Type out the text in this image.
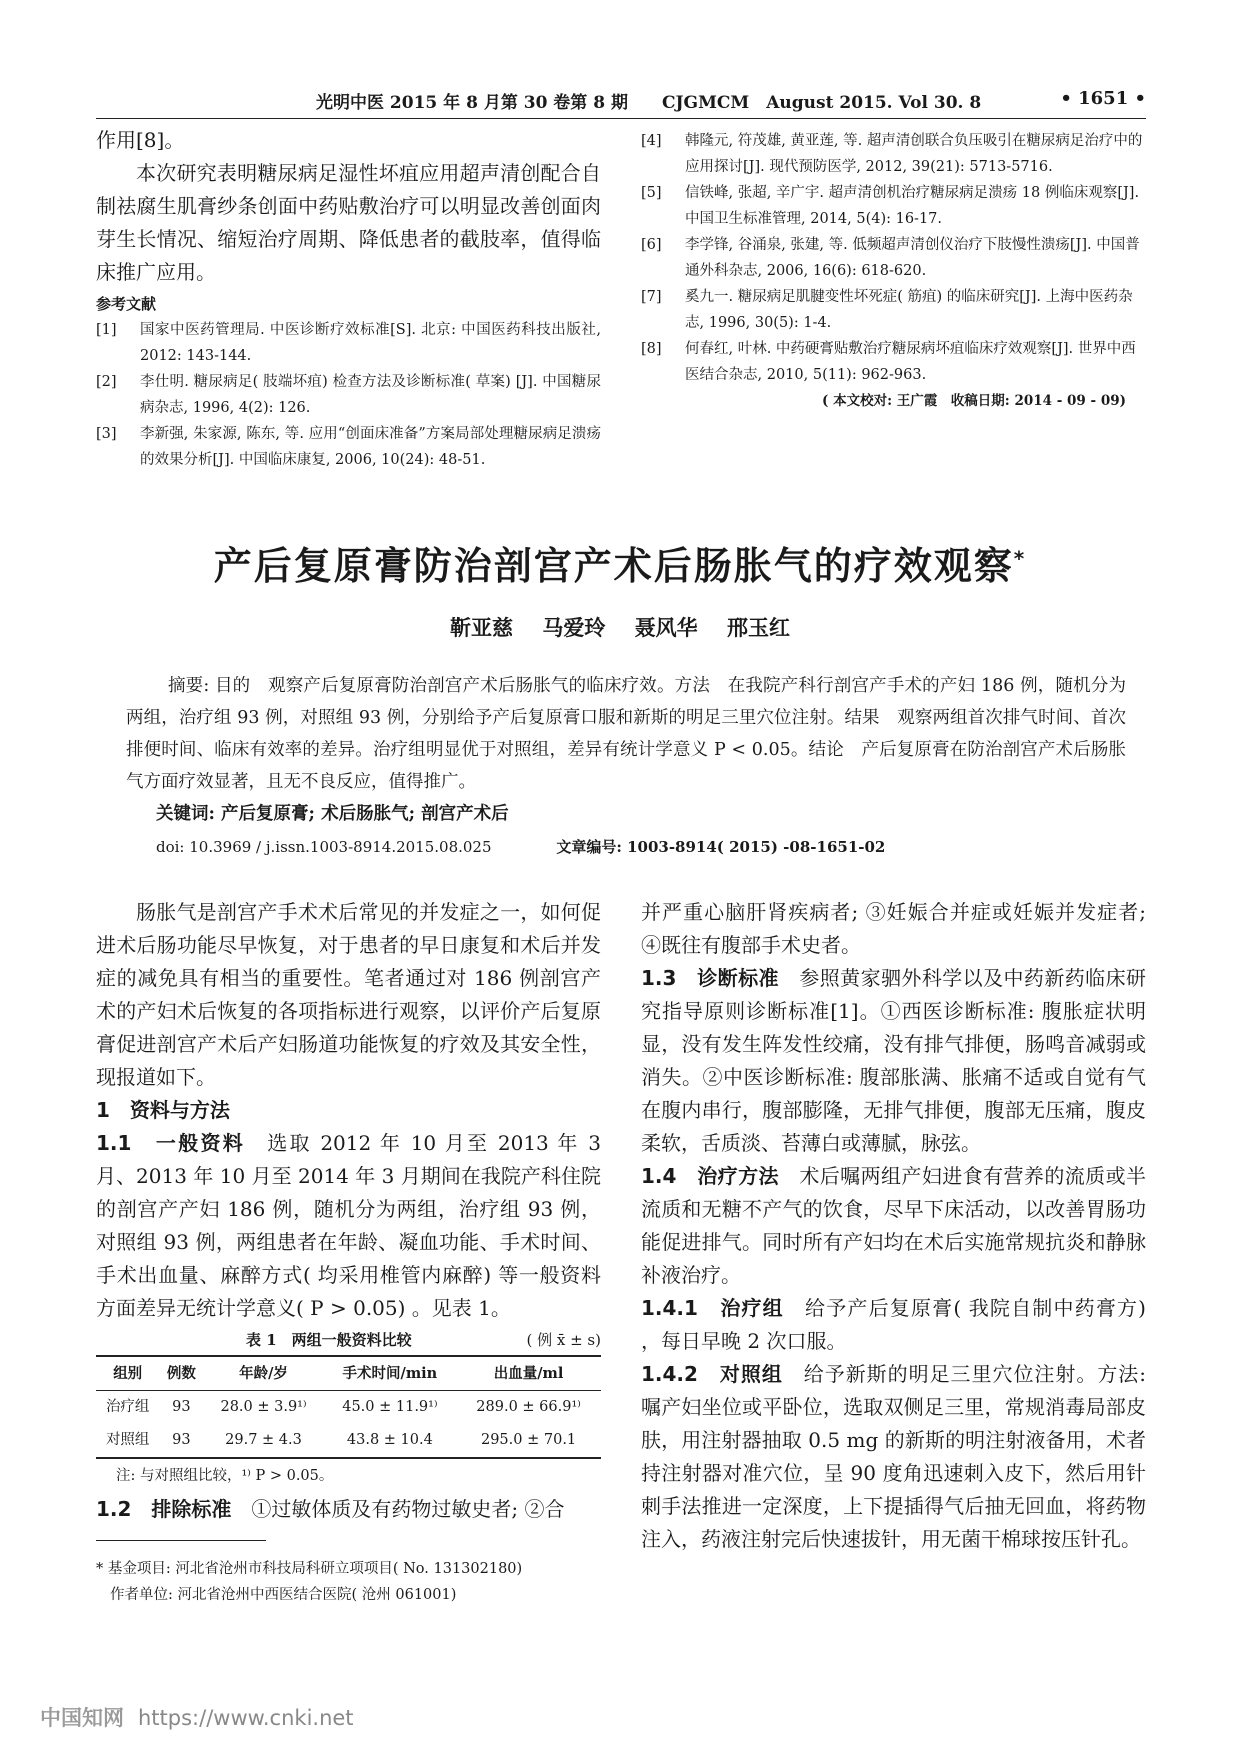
光明中医 2015 年 8 月第 30 卷第 8 期　　CJGMCM　August 2015. Vol 30. 8	• 1651 •

作用[8]。

本次研究表明糖尿病足湿性坏疽应用超声清创配合自制祛腐生肌膏纱条创面中药贴敷治疗可以明显改善创面肉芽生长情况、缩短治疗周期、降低患者的截肢率，值得临床推广应用。

参考文献
[1] 国家中医药管理局. 中医诊断疗效标准[S]. 北京: 中国医药科技出版社, 2012: 143-144.
[2] 李仕明. 糖尿病足( 肢端坏疽) 检查方法及诊断标准( 草案) [J]. 中国糖尿病杂志, 1996, 4(2): 126.
[3] 李新强, 朱家源, 陈东, 等. 应用“创面床准备”方案局部处理糖尿病足溃疡的效果分析[J]. 中国临床康复, 2006, 10(24): 48-51.
[4] 韩隆元, 符茂雄, 黄亚莲, 等. 超声清创联合负压吸引在糖尿病足治疗中的应用探讨[J]. 现代预防医学, 2012, 39(21): 5713-5716.
[5] 信铁峰, 张超, 辛广宇. 超声清创机治疗糖尿病足溃疡 18 例临床观察[J]. 中国卫生标准管理, 2014, 5(4): 16-17.
[6] 李学锋, 谷涌泉, 张建, 等. 低频超声清创仪治疗下肢慢性溃疡[J]. 中国普通外科杂志, 2006, 16(6): 618-620.
[7] 奚九一. 糖尿病足肌腱变性坏死症( 筋疽) 的临床研究[J]. 上海中医药杂志, 1996, 30(5): 1-4.
[8] 何春红, 叶林. 中药硬膏贴敷治疗糖尿病坏疽临床疗效观察[J]. 世界中西医结合杂志, 2010, 5(11): 962-963.
( 本文校对: 王广霞　收稿日期: 2014 - 09 - 09)
产后复原膏防治剖宫产术后肠胀气的疗效观察*
靳亚慈 马爱玲 聂风华 邢玉红

摘要: 目的　观察产后复原膏防治剖宫产术后肠胀气的临床疗效。方法　在我院产科行剖宫产手术的产妇 186 例，随机分为两组，治疗组 93 例，对照组 93 例，分别给予产后复原膏口服和新斯的明足三里穴位注射。结果　观察两组首次排气时间、首次排便时间、临床有效率的差异。治疗组明显优于对照组，差异有统计学意义 P < 0.05。结论　产后复原膏在防治剖宫产术后肠胀气方面疗效显著，且无不良反应，值得推广。

关键词: 产后复原膏; 术后肠胀气; 剖宫产术后
doi: 10.3969 / j.issn.1003-8914.2015.08.025	文章编号: 1003-8914( 2015) -08-1651-02

肠胀气是剖宫产手术术后常见的并发症之一，如何促进术后肠功能尽早恢复，对于患者的早日康复和术后并发症的减免具有相当的重要性。笔者通过对 186 例剖宫产术的产妇术后恢复的各项指标进行观察，以评价产后复原膏促进剖宫产术后产妇肠道功能恢复的疗效及其安全性，现报道如下。

1　资料与方法

1.1　一般资料　选取 2012 年 10 月至 2013 年 3 月、2013 年 10 月至 2014 年 3 月期间在我院产科住院的剖宫产产妇 186 例，随机分为两组，治疗组 93 例，对照组 93 例，两组患者在年龄、凝血功能、手术时间、手术出血量、麻醉方式( 均采用椎管内麻醉) 等一般资料方面差异无统计学意义( P > 0.05) 。见表 1。

表 1　两组一般资料比较	( 例 x̄ ± s)
组别	例数	年龄/岁	手术时间/min	出血量/ml
治疗组	93	28.0 ± 3.9¹⁾	45.0 ± 11.9¹⁾	289.0 ± 66.9¹⁾
对照组	93	29.7 ± 4.3	43.8 ± 10.4	295.0 ± 70.1
注: 与对照组比较，¹⁾ P > 0.05。

1.2　排除标准　①过敏体质及有药物过敏史者; ②合

* 基金项目: 河北省沧州市科技局科研立项项目( No. 131302180)
作者单位: 河北省沧州中西医结合医院( 沧州 061001)

并严重心脑肝肾疾病者; ③妊娠合并症或妊娠并发症者; ④既往有腹部手术史者。

1.3　诊断标准　参照黄家驷外科学以及中药新药临床研究指导原则诊断标准[1]。①西医诊断标准: 腹胀症状明显，没有发生阵发性绞痛，没有排气排便，肠鸣音减弱或消失。②中医诊断标准: 腹部胀满、胀痛不适或自觉有气在腹内串行，腹部膨隆，无排气排便，腹部无压痛，腹皮柔软，舌质淡、苔薄白或薄腻，脉弦。

1.4　治疗方法　术后嘱两组产妇进食有营养的流质或半流质和无糖不产气的饮食，尽早下床活动，以改善胃肠功能促进排气。同时所有产妇均在术后实施常规抗炎和静脉补液治疗。

1.4.1　治疗组　给予产后复原膏( 我院自制中药膏方) ，每日早晚 2 次口服。

1.4.2　对照组　给予新斯的明足三里穴位注射。方法: 嘱产妇坐位或平卧位，选取双侧足三里，常规消毒局部皮肤，用注射器抽取 0.5 mg 的新斯的明注射液备用，术者持注射器对准穴位，呈 90 度角迅速刺入皮下，然后用针刺手法推进一定深度，上下提插得气后抽无回血，将药物注入，药液注射完后快速拔针，用无菌干棉球按压针孔。

中国知网 https://www.cnki.net
